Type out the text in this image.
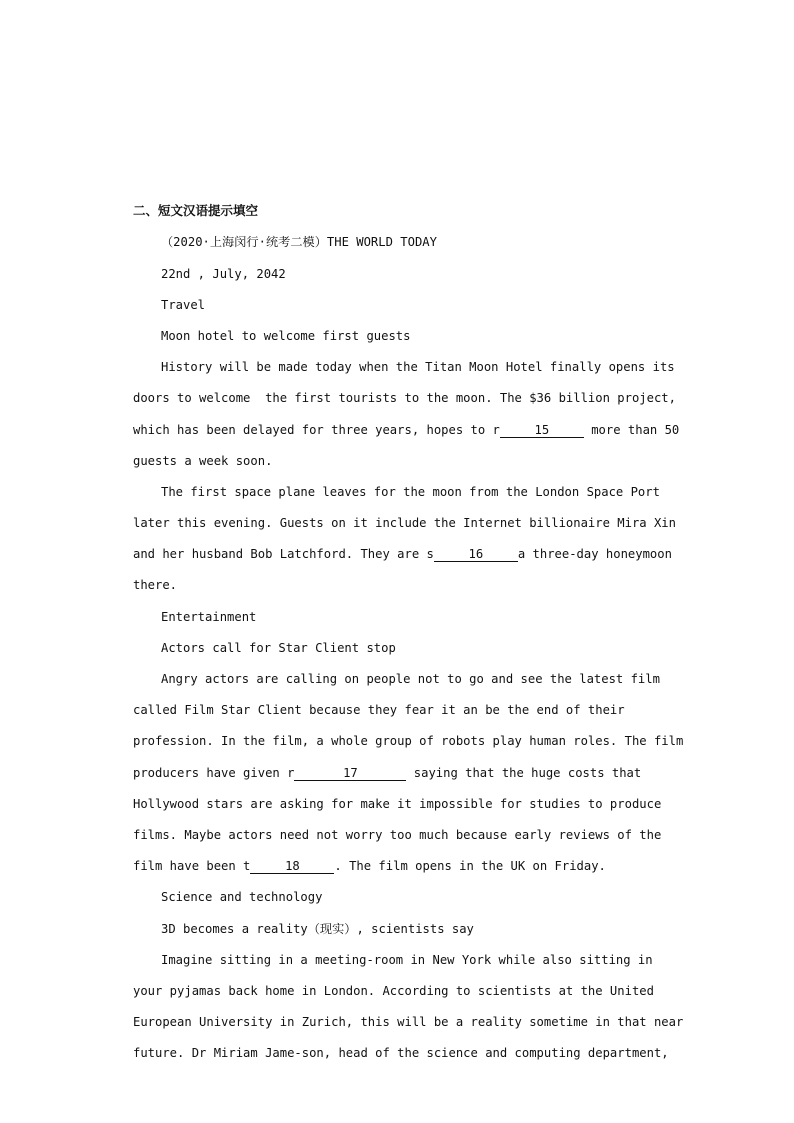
二、短文汉语提示填空
（2020·上海闵行·统考二模）THE WORLD TODAY
22nd , July, 2042
Travel
Moon hotel to welcome first guests
History will be made today when the Titan Moon Hotel finally opens its
doors to welcome  the first tourists to the moon. The $36 billion project,
which has been delayed for three years, hopes to r	15	more than 50
guests a week soon.
The first space plane leaves for the moon from the London Space Port
later this evening. Guests on it include the Internet billionaire Mira Xin
and her husband Bob Latchford. They are s	16	a three-day honeymoon
there.
Entertainment
Actors call for Star Client stop
Angry actors are calling on people not to go and see the latest film
called Film Star Client because they fear it an be the end of their
profession. In the film, a whole group of robots play human roles. The film
producers have given r	17	saying that the huge costs that
Hollywood stars are asking for make it impossible for studies to produce
films. Maybe actors need not worry too much because early reviews of the
film have been t	18	. The film opens in the UK on Friday.
Science and technology
3D becomes a reality（现实）, scientists say
Imagine sitting in a meeting-room in New York while also sitting in
your pyjamas back home in London. According to scientists at the United
European University in Zurich, this will be a reality sometime in that near
future. Dr Miriam Jame-son, head of the science and computing department,
